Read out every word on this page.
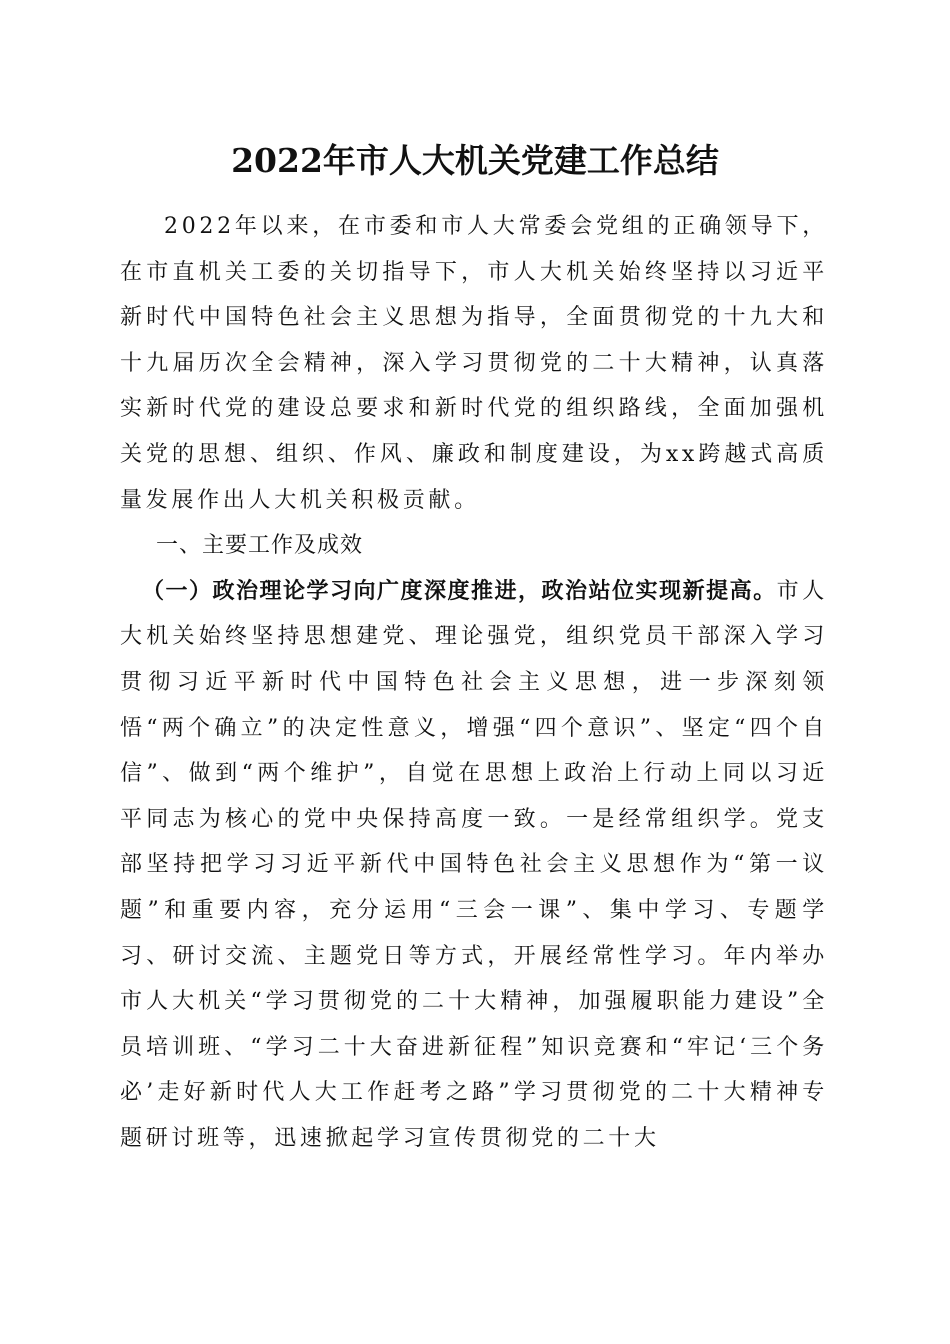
2022年市人大机关党建工作总结

2022年以来，在市委和市人大常委会党组的正确领导下，在市直机关工委的关切指导下，市人大机关始终坚持以习近平新时代中国特色社会主义思想为指导，全面贯彻党的十九大和十九届历次全会精神，深入学习贯彻党的二十大精神，认真落实新时代党的建设总要求和新时代党的组织路线，全面加强机关党的思想、组织、作风、廉政和制度建设，为xx跨越式高质量发展作出人大机关积极贡献。

一、主要工作及成效

（一）政治理论学习向广度深度推进，政治站位实现新提高。市人大机关始终坚持思想建党、理论强党，组织党员干部深入学习贯彻习近平新时代中国特色社会主义思想，进一步深刻领悟“两个确立”的决定性意义，增强“四个意识”、坚定“四个自信”、做到“两个维护”，自觉在思想上政治上行动上同以习近平同志为核心的党中央保持高度一致。一是经常组织学。党支部坚持把学习习近平新代中国特色社会主义思想作为“第一议题”和重要内容，充分运用“三会一课”、集中学习、专题学习、研讨交流、主题党日等方式，开展经常性学习。年内举办市人大机关“学习贯彻党的二十大精神，加强履职能力建设”全员培训班、“学习二十大奋进新征程”知识竞赛和“牢记‘三个务必’走好新时代人大工作赶考之路”学习贯彻党的二十大精神专题研讨班等，迅速掀起学习宣传贯彻党的二十大
